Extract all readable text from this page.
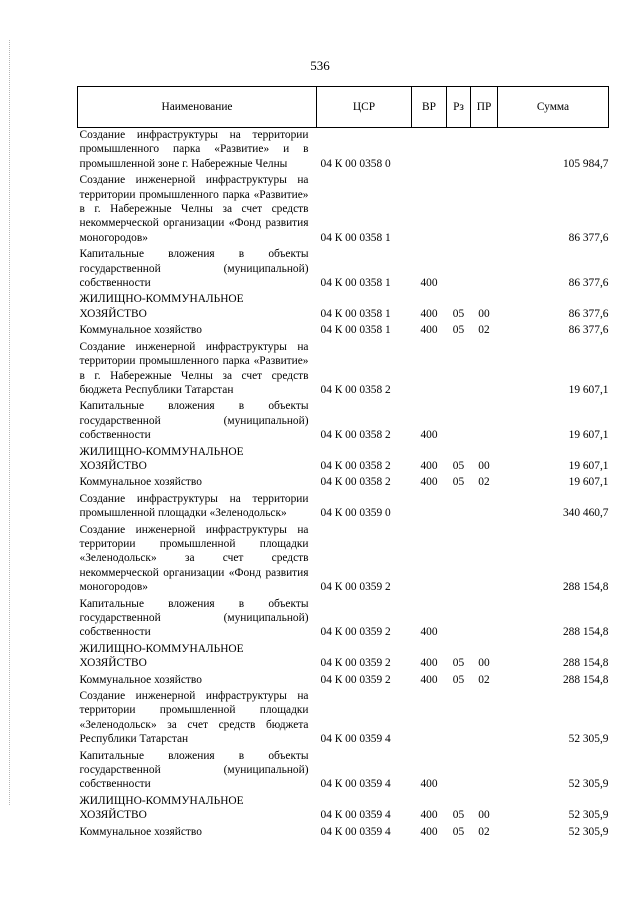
536
Наименование	ЦСР	ВР	Рз	ПР	Сумма
Создание инфраструктуры на территории промышленного парка «Развитие» и в промышленной зоне г. Набережные Челны	04 К 00 0358 0				105 984,7
Создание инженерной инфраструктуры на территории промышленного парка «Развитие» в г. Набережные Челны за счет средств некоммерческой организации «Фонд развития моногородов»	04 К 00 0358 1				86 377,6
Капитальные вложения в объекты государственной (муниципальной) собственности	04 К 00 0358 1	400			86 377,6
ЖИЛИЩНО-КОММУНАЛЬНОЕ ХОЗЯЙСТВО	04 К 00 0358 1	400	05	00	86 377,6
Коммунальное хозяйство	04 К 00 0358 1	400	05	02	86 377,6
Создание инженерной инфраструктуры на территории промышленного парка «Развитие» в г. Набережные Челны за счет средств бюджета Республики Татарстан	04 К 00 0358 2				19 607,1
Капитальные вложения в объекты государственной (муниципальной) собственности	04 К 00 0358 2	400			19 607,1
ЖИЛИЩНО-КОММУНАЛЬНОЕ ХОЗЯЙСТВО	04 К 00 0358 2	400	05	00	19 607,1
Коммунальное хозяйство	04 К 00 0358 2	400	05	02	19 607,1
Создание инфраструктуры на территории промышленной площадки «Зеленодольск»	04 К 00 0359 0				340 460,7
Создание инженерной инфраструктуры на территории промышленной площадки «Зеленодольск» за счет средств некоммерческой организации «Фонд развития моногородов»	04 К 00 0359 2				288 154,8
Капитальные вложения в объекты государственной (муниципальной) собственности	04 К 00 0359 2	400			288 154,8
ЖИЛИЩНО-КОММУНАЛЬНОЕ ХОЗЯЙСТВО	04 К 00 0359 2	400	05	00	288 154,8
Коммунальное хозяйство	04 К 00 0359 2	400	05	02	288 154,8
Создание инженерной инфраструктуры на территории промышленной площадки «Зеленодольск» за счет средств бюджета Республики Татарстан	04 К 00 0359 4				52 305,9
Капитальные вложения в объекты государственной (муниципальной) собственности	04 К 00 0359 4	400			52 305,9
ЖИЛИЩНО-КОММУНАЛЬНОЕ ХОЗЯЙСТВО	04 К 00 0359 4	400	05	00	52 305,9
Коммунальное хозяйство	04 К 00 0359 4	400	05	02	52 305,9
